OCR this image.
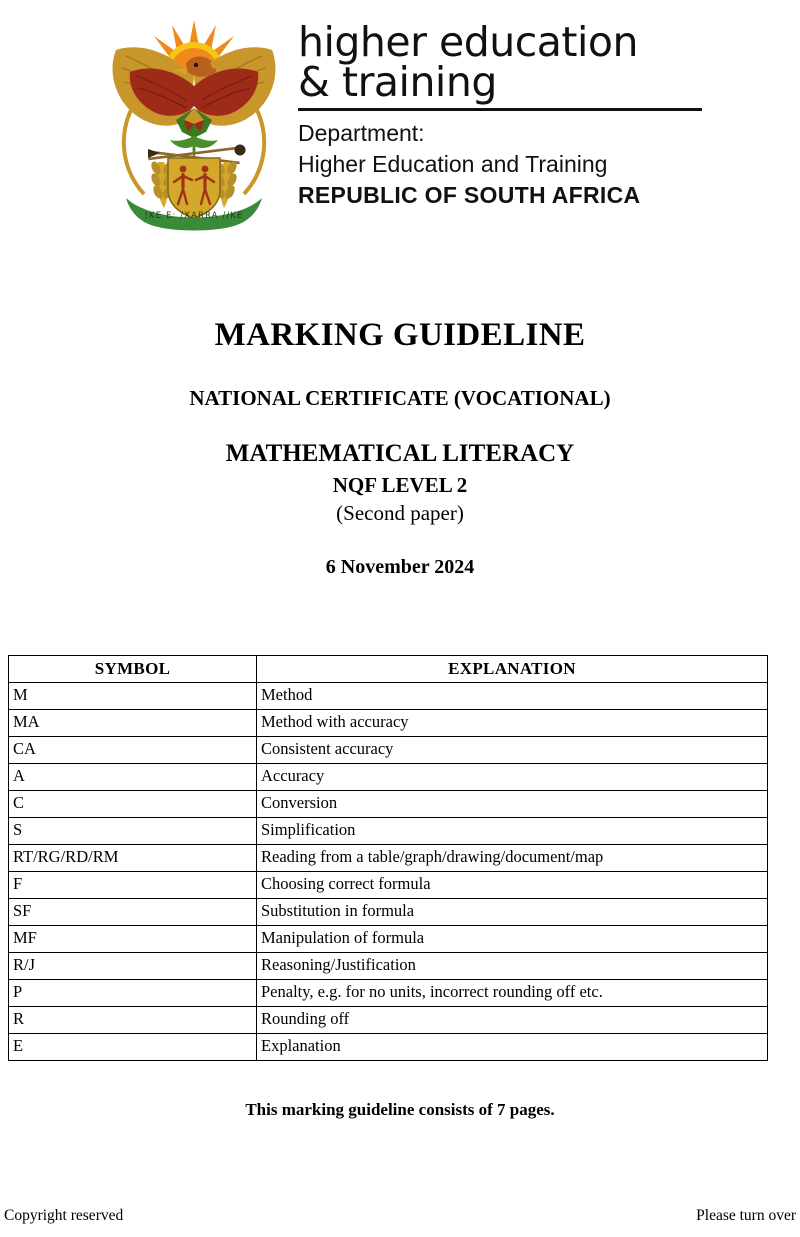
!KE E: /XARRA //KE
higher education
& training
Department:
Higher Education and Training
REPUBLIC OF SOUTH AFRICA
MARKING GUIDELINE
NATIONAL CERTIFICATE (VOCATIONAL)
MATHEMATICAL LITERACY
NQF LEVEL 2
(Second paper)
6 November 2024
SYMBOL	EXPLANATION
M	Method
MA	Method with accuracy
CA	Consistent accuracy
A	Accuracy
C	Conversion
S	Simplification
RT/RG/RD/RM	Reading from a table/graph/drawing/document/map
F	Choosing correct formula
SF	Substitution in formula
MF	Manipulation of formula
R/J	Reasoning/Justification
P	Penalty, e.g. for no units, incorrect rounding off etc.
R	Rounding off
E	Explanation
This marking guideline consists of 7 pages.
Copyright reserved	Please turn over
